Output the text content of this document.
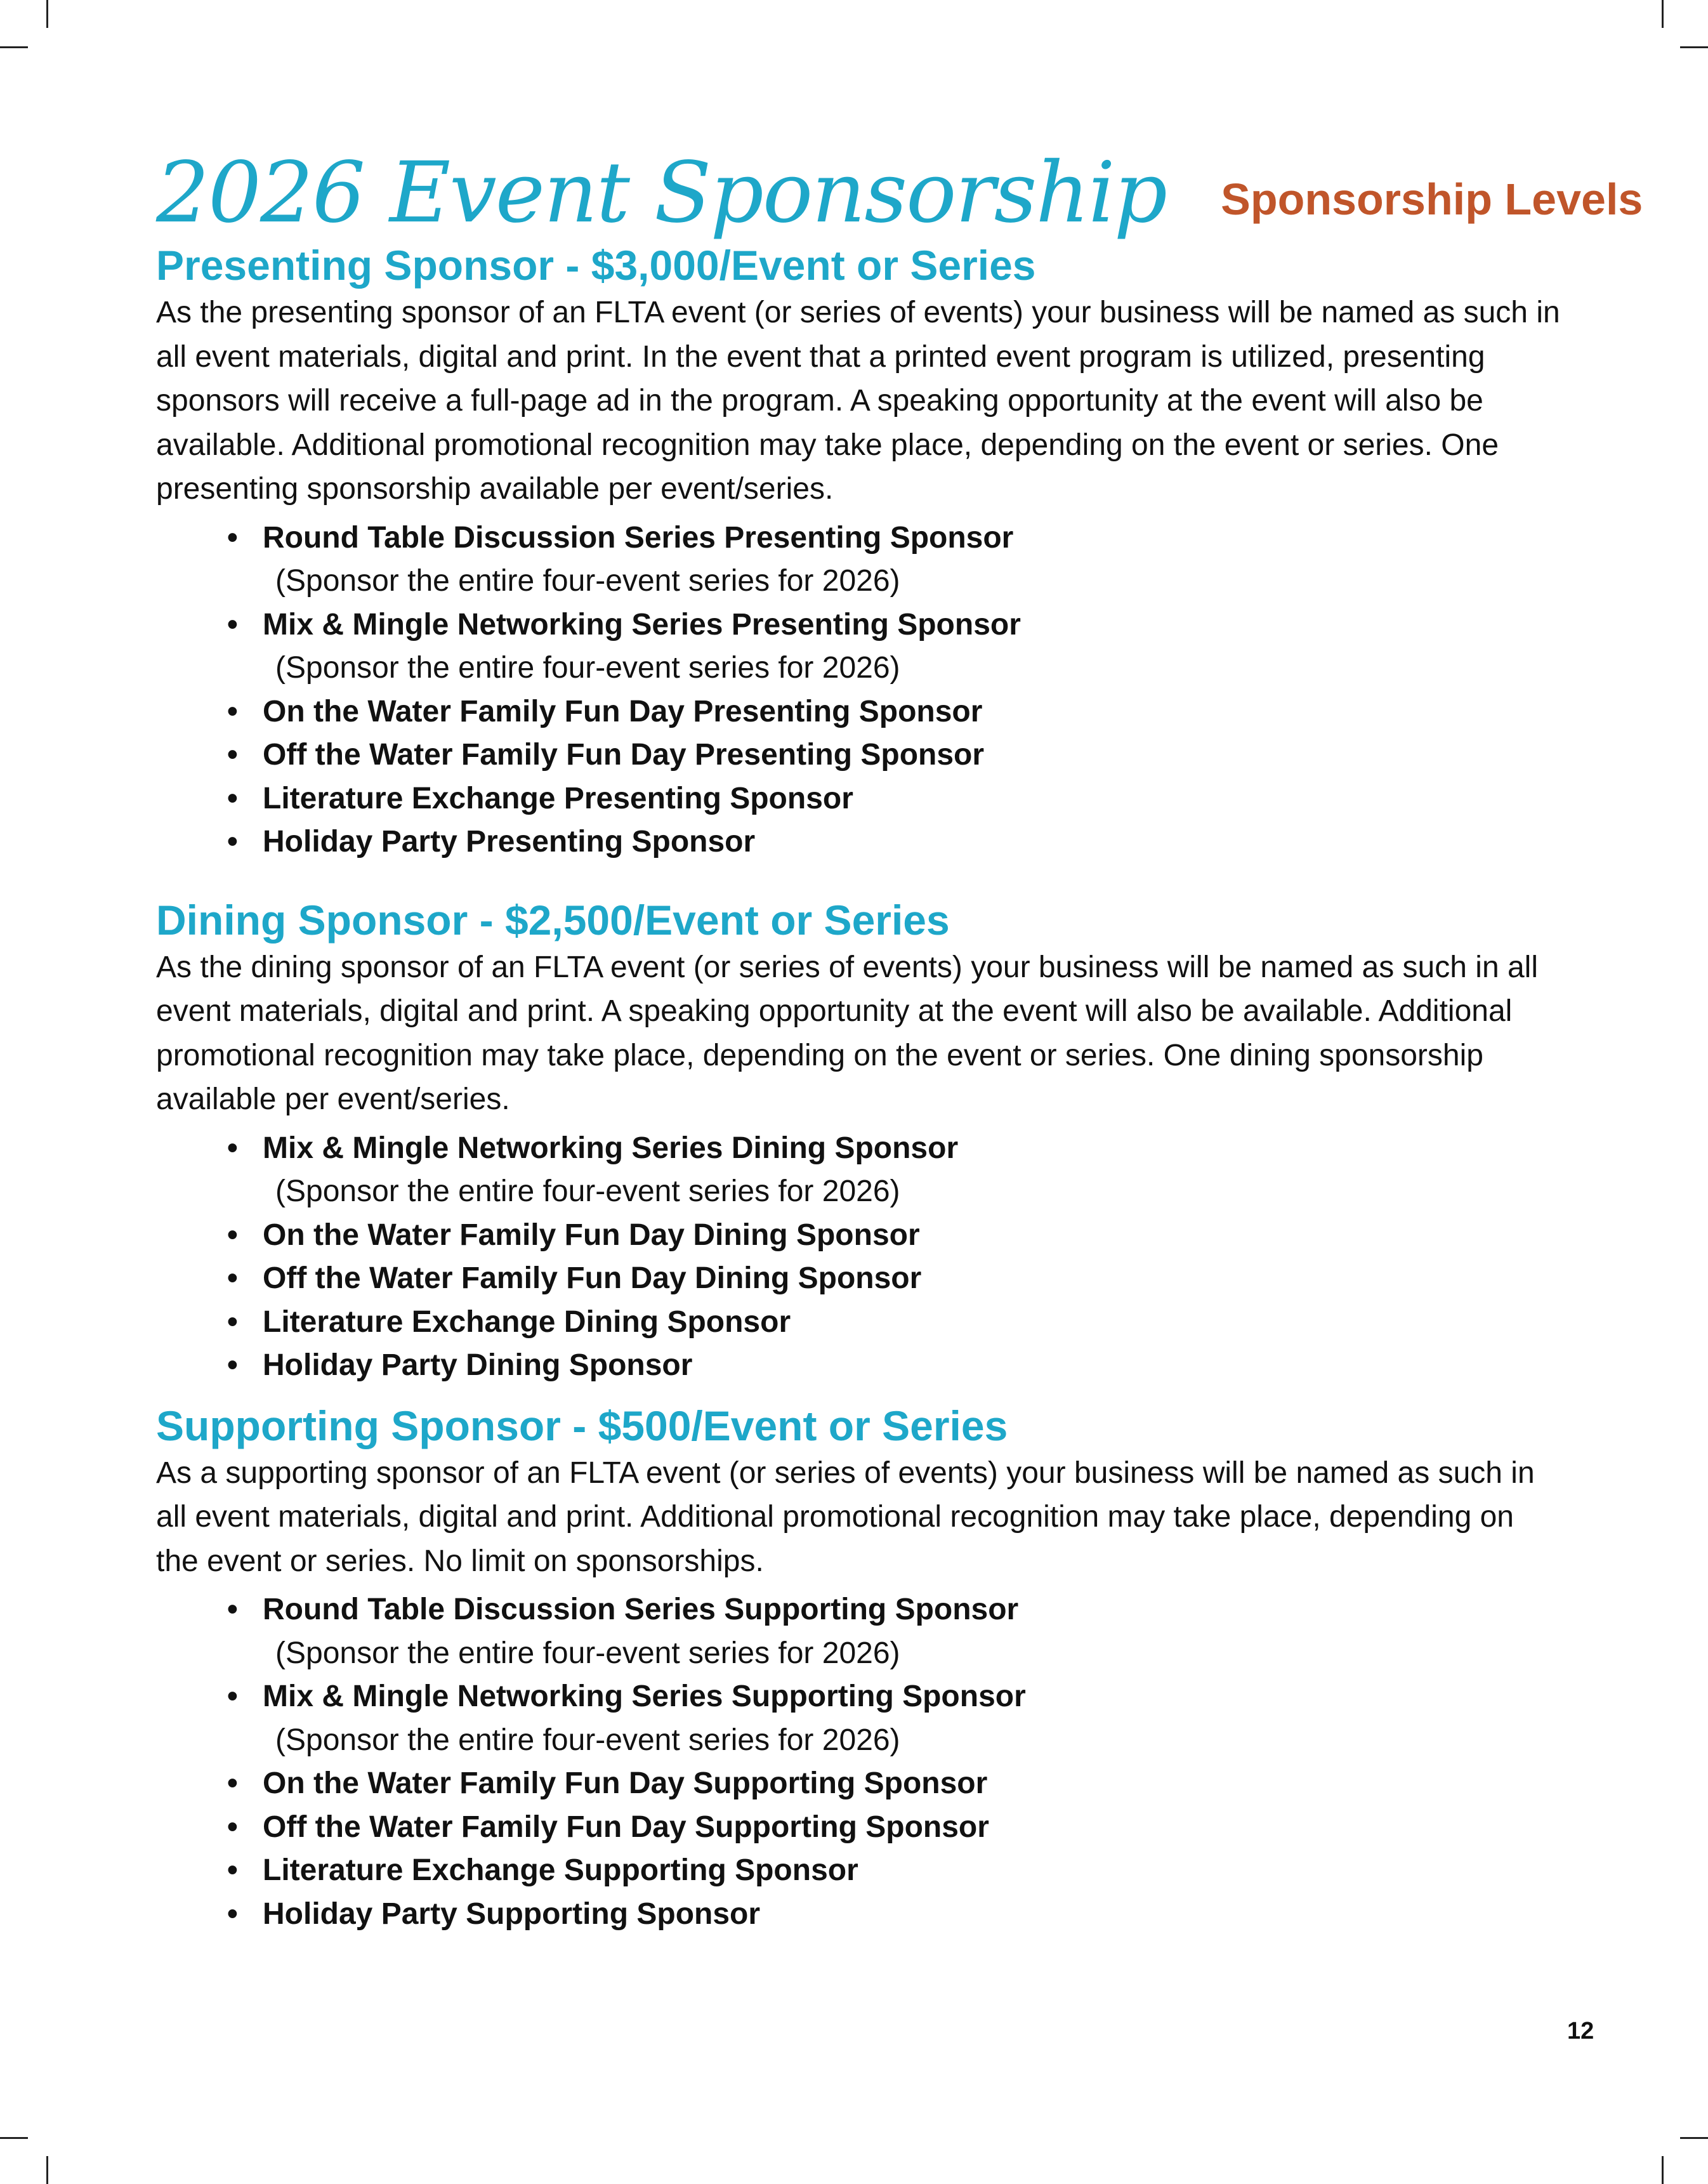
2026 Event Sponsorship Sponsorship Levels
Presenting Sponsor - $3,000/Event or Series

As the presenting sponsor of an FLTA event (or series of events) your business will be named as such in all event materials, digital and print. In the event that a printed event program is utilized, presenting sponsors will receive a full-page ad in the program. A speaking opportunity at the event will also be available. Additional promotional recognition may take place, depending on the event or series. One presenting sponsorship available per event/series.

• Round Table Discussion Series Presenting Sponsor
(Sponsor the entire four-event series for 2026)
• Mix & Mingle Networking Series Presenting Sponsor
(Sponsor the entire four-event series for 2026)
• On the Water Family Fun Day Presenting Sponsor
• Off the Water Family Fun Day Presenting Sponsor
• Literature Exchange Presenting Sponsor
• Holiday Party Presenting Sponsor
Dining Sponsor - $2,500/Event or Series

As the dining sponsor of an FLTA event (or series of events) your business will be named as such in all event materials, digital and print. A speaking opportunity at the event will also be available. Additional promotional recognition may take place, depending on the event or series. One dining sponsorship available per event/series.

• Mix & Mingle Networking Series Dining Sponsor
(Sponsor the entire four-event series for 2026)
• On the Water Family Fun Day Dining Sponsor
• Off the Water Family Fun Day Dining Sponsor
• Literature Exchange Dining Sponsor
• Holiday Party Dining Sponsor
Supporting Sponsor - $500/Event or Series

As a supporting sponsor of an FLTA event (or series of events) your business will be named as such in all event materials, digital and print. Additional promotional recognition may take place, depending on the event or series. No limit on sponsorships.

• Round Table Discussion Series Supporting Sponsor
(Sponsor the entire four-event series for 2026)
• Mix & Mingle Networking Series Supporting Sponsor
(Sponsor the entire four-event series for 2026)
• On the Water Family Fun Day Supporting Sponsor
• Off the Water Family Fun Day Supporting Sponsor
• Literature Exchange Supporting Sponsor
• Holiday Party Supporting Sponsor
12
